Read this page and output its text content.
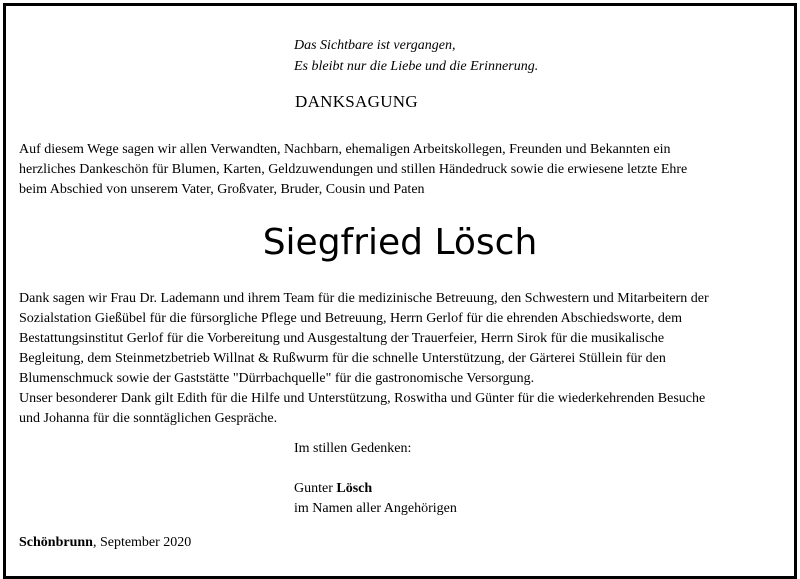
Das Sichtbare ist vergangen,
Es bleibt nur die Liebe und die Erinnerung.
DANKSAGUNG
Auf diesem Wege sagen wir allen Verwandten, Nachbarn, ehemaligen Arbeitskollegen, Freunden und Bekannten ein
herzliches Dankeschön für Blumen, Karten, Geldzuwendungen und stillen Händedruck sowie die erwiesene letzte Ehre
beim Abschied von unserem Vater, Großvater, Bruder, Cousin und Paten
Siegfried Lösch
Dank sagen wir Frau Dr. Lademann und ihrem Team für die medizinische Betreuung, den Schwestern und Mitarbeitern der
Sozialstation Gießübel für die fürsorgliche Pflege und Betreuung, Herrn Gerlof für die ehrenden Abschiedsworte, dem
Bestattungsinstitut Gerlof für die Vorbereitung und Ausgestaltung der Trauerfeier, Herrn Sirok für die musikalische
Begleitung, dem Steinmetzbetrieb Willnat & Rußwurm für die schnelle Unterstützung, der Gärterei Stüllein für den
Blumenschmuck sowie der Gaststätte "Dürrbachquelle" für die gastronomische Versorgung.
Unser besonderer Dank gilt Edith für die Hilfe und Unterstützung, Roswitha und Günter für die wiederkehrenden Besuche
und Johanna für die sonntäglichen Gespräche.
Im stillen Gedenken:
Gunter Lösch
im Namen aller Angehörigen
Schönbrunn, September 2020
